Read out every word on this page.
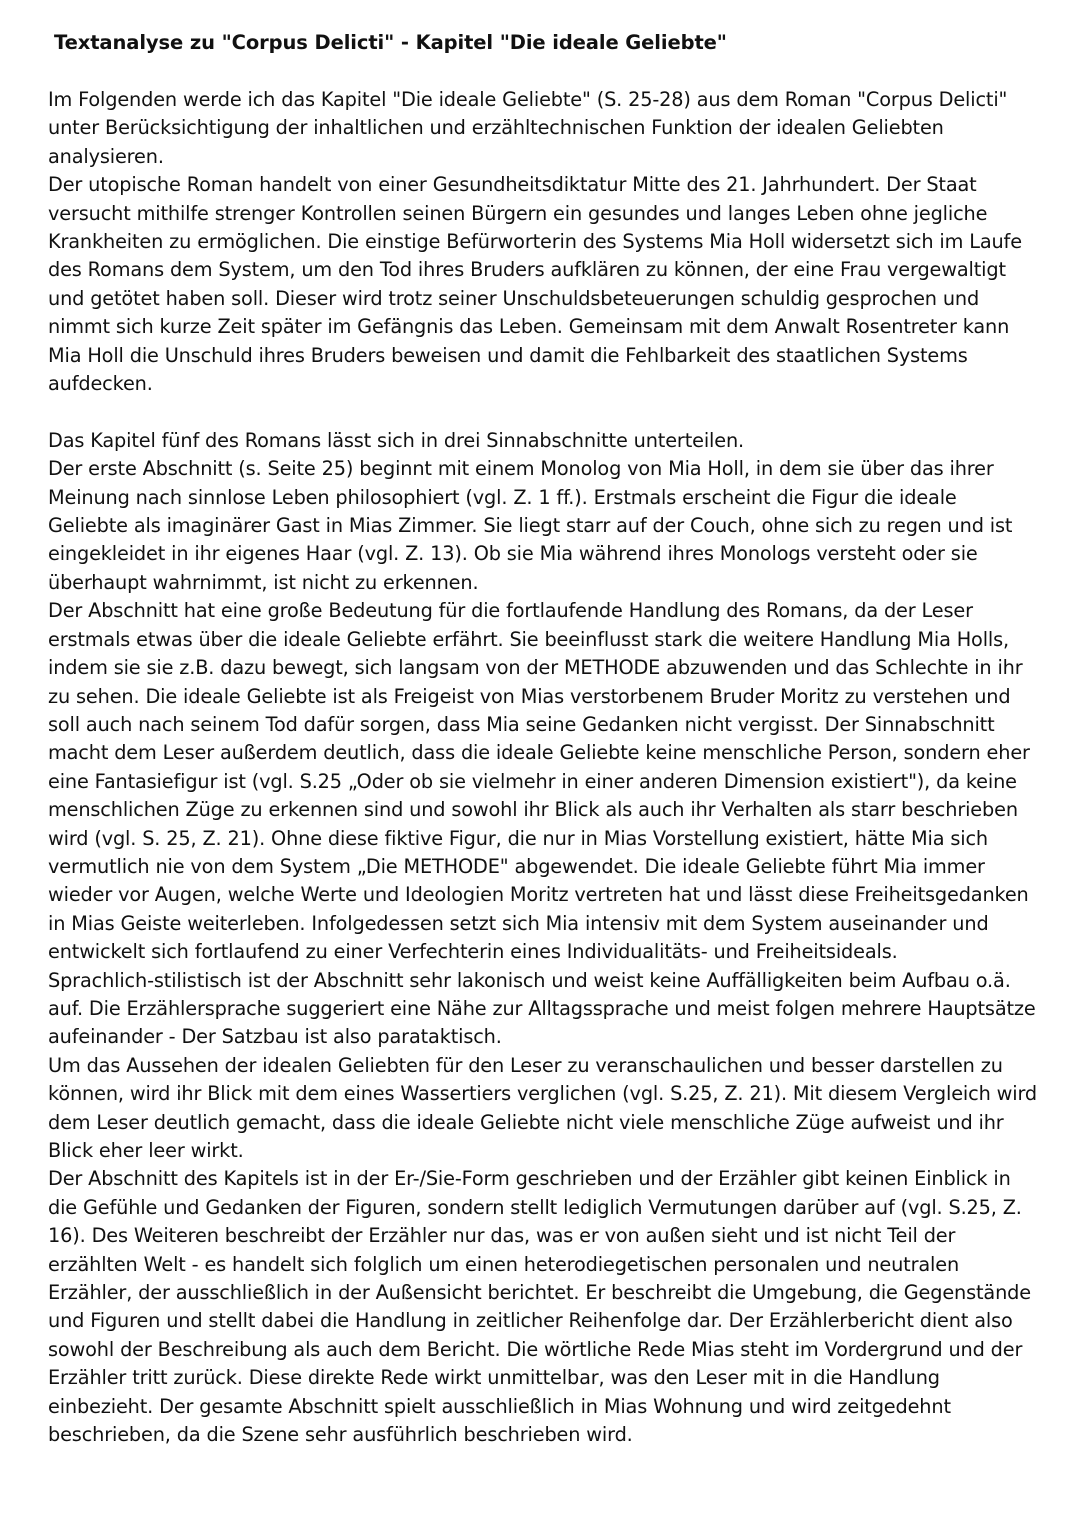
Textanalyse zu "Corpus Delicti" - Kapitel "Die ideale Geliebte"

Im Folgenden werde ich das Kapitel "Die ideale Geliebte" (S. 25-28) aus dem Roman "Corpus Delicti" unter Berücksichtigung der inhaltlichen und erzähltechnischen Funktion der idealen Geliebten analysieren.

Der utopische Roman handelt von einer Gesundheitsdiktatur Mitte des 21. Jahrhundert. Der Staat versucht mithilfe strenger Kontrollen seinen Bürgern ein gesundes und langes Leben ohne jegliche Krankheiten zu ermöglichen. Die einstige Befürworterin des Systems Mia Holl widersetzt sich im Laufe des Romans dem System, um den Tod ihres Bruders aufklären zu können, der eine Frau vergewaltigt und getötet haben soll. Dieser wird trotz seiner Unschuldsbeteuerungen schuldig gesprochen und nimmt sich kurze Zeit später im Gefängnis das Leben. Gemeinsam mit dem Anwalt Rosentreter kann Mia Holl die Unschuld ihres Bruders beweisen und damit die Fehlbarkeit des staatlichen Systems aufdecken.

Das Kapitel fünf des Romans lässt sich in drei Sinnabschnitte unterteilen.

Der erste Abschnitt (s. Seite 25) beginnt mit einem Monolog von Mia Holl, in dem sie über das ihrer Meinung nach sinnlose Leben philosophiert (vgl. Z. 1 ff.). Erstmals erscheint die Figur die ideale Geliebte als imaginärer Gast in Mias Zimmer. Sie liegt starr auf der Couch, ohne sich zu regen und ist eingekleidet in ihr eigenes Haar (vgl. Z. 13). Ob sie Mia während ihres Monologs versteht oder sie überhaupt wahrnimmt, ist nicht zu erkennen.

Der Abschnitt hat eine große Bedeutung für die fortlaufende Handlung des Romans, da der Leser erstmals etwas über die ideale Geliebte erfährt. Sie beeinflusst stark die weitere Handlung Mia Holls, indem sie sie z.B. dazu bewegt, sich langsam von der METHODE abzuwenden und das Schlechte in ihr zu sehen. Die ideale Geliebte ist als Freigeist von Mias verstorbenem Bruder Moritz zu verstehen und soll auch nach seinem Tod dafür sorgen, dass Mia seine Gedanken nicht vergisst. Der Sinnabschnitt macht dem Leser außerdem deutlich, dass die ideale Geliebte keine menschliche Person, sondern eher eine Fantasiefigur ist (vgl. S.25 „Oder ob sie vielmehr in einer anderen Dimension existiert"), da keine menschlichen Züge zu erkennen sind und sowohl ihr Blick als auch ihr Verhalten als starr beschrieben wird (vgl. S. 25, Z. 21). Ohne diese fiktive Figur, die nur in Mias Vorstellung existiert, hätte Mia sich vermutlich nie von dem System „Die METHODE" abgewendet. Die ideale Geliebte führt Mia immer wieder vor Augen, welche Werte und Ideologien Moritz vertreten hat und lässt diese Freiheitsgedanken in Mias Geiste weiterleben. Infolgedessen setzt sich Mia intensiv mit dem System auseinander und entwickelt sich fortlaufend zu einer Verfechterin eines Individualitäts- und Freiheitsideals.

Sprachlich-stilistisch ist der Abschnitt sehr lakonisch und weist keine Auffälligkeiten beim Aufbau o.ä. auf. Die Erzählersprache suggeriert eine Nähe zur Alltagssprache und meist folgen mehrere Hauptsätze aufeinander - Der Satzbau ist also parataktisch.

Um das Aussehen der idealen Geliebten für den Leser zu veranschaulichen und besser darstellen zu können, wird ihr Blick mit dem eines Wassertiers verglichen (vgl. S.25, Z. 21). Mit diesem Vergleich wird dem Leser deutlich gemacht, dass die ideale Geliebte nicht viele menschliche Züge aufweist und ihr Blick eher leer wirkt.

Der Abschnitt des Kapitels ist in der Er-/Sie-Form geschrieben und der Erzähler gibt keinen Einblick in die Gefühle und Gedanken der Figuren, sondern stellt lediglich Vermutungen darüber auf (vgl. S.25, Z. 16). Des Weiteren beschreibt der Erzähler nur das, was er von außen sieht und ist nicht Teil der erzählten Welt - es handelt sich folglich um einen heterodiegetischen personalen und neutralen Erzähler, der ausschließlich in der Außensicht berichtet. Er beschreibt die Umgebung, die Gegenstände und Figuren und stellt dabei die Handlung in zeitlicher Reihenfolge dar. Der Erzählerbericht dient also sowohl der Beschreibung als auch dem Bericht. Die wörtliche Rede Mias steht im Vordergrund und der Erzähler tritt zurück. Diese direkte Rede wirkt unmittelbar, was den Leser mit in die Handlung einbezieht. Der gesamte Abschnitt spielt ausschließlich in Mias Wohnung und wird zeitgedehnt beschrieben, da die Szene sehr ausführlich beschrieben wird.
